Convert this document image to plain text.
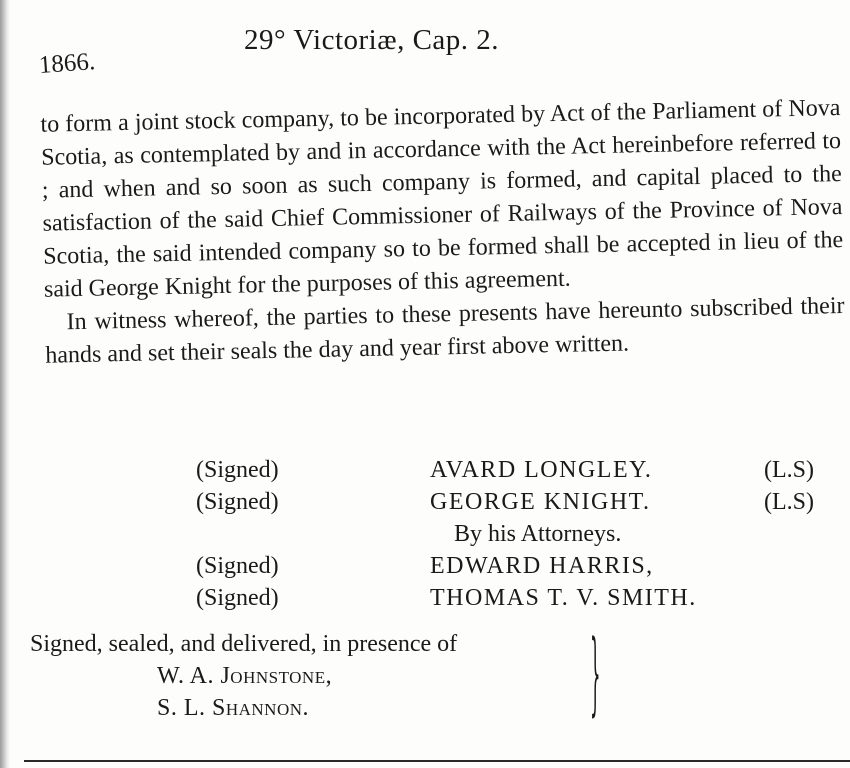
1866.
29° Victoriæ, Cap. 2.

to form a joint stock company, to be incorporated by Act of the Parliament of Nova Scotia, as contemplated by and in accordance with the Act hereinbefore referred to ; and when and so soon as such company is formed, and capital placed to the satisfaction of the said Chief Commissioner of Railways of the Province of Nova Scotia, the said intended company so to be formed shall be accepted in lieu of the said George Knight for the purposes of this agreement.

In witness whereof, the parties to these presents have hereunto subscribed their hands and set their seals the day and year first above written.

(Signed)	AVARD LONGLEY.	(L.S)
(Signed)	GEORGE KNIGHT.	(L.S)
By his Attorneys.
(Signed)	EDWARD HARRIS,
(Signed)	THOMAS T. V. SMITH.
Signed, sealed, and delivered, in presence of
W. A. Johnstone,
S. L. Shannon.	}
